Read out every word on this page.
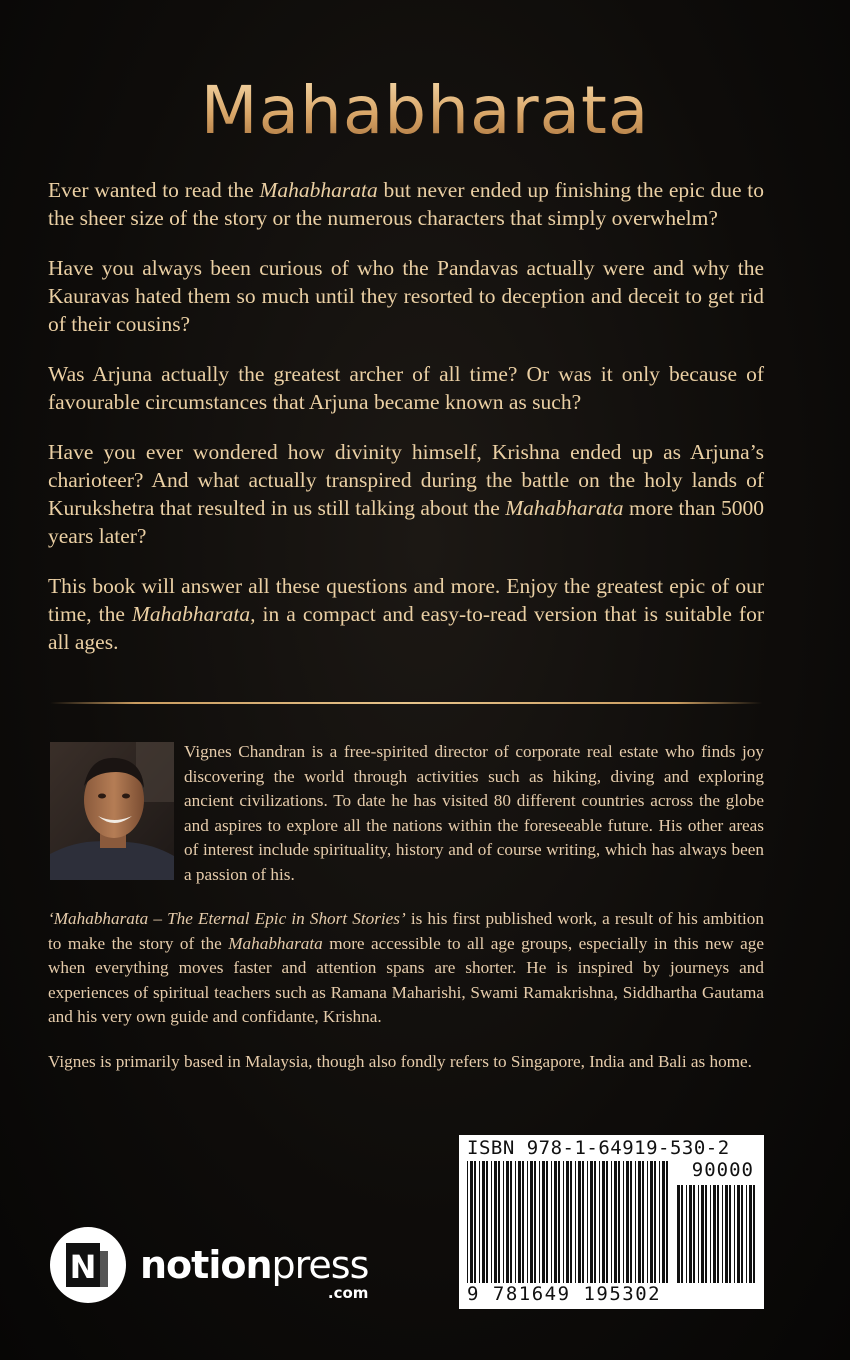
Mahabharata

Ever wanted to read the Mahabharata but never ended up finishing the epic due to the sheer size of the story or the numerous characters that simply overwhelm?

Have you always been curious of who the Pandavas actually were and why the Kauravas hated them so much until they resorted to deception and deceit to get rid of their cousins?

Was Arjuna actually the greatest archer of all time? Or was it only because of favourable circumstances that Arjuna became known as such?

Have you ever wondered how divinity himself, Krishna ended up as Arjuna’s charioteer? And what actually transpired during the battle on the holy lands of Kurukshetra that resulted in us still talking about the Mahabharata more than 5000 years later?

This book will answer all these questions and more. Enjoy the greatest epic of our time, the Mahabharata, in a compact and easy-to-read version that is suitable for all ages.

Vignes Chandran is a free-spirited director of corporate real estate who finds joy discovering the world through activities such as hiking, diving and exploring ancient civilizations. To date he has visited 80 different countries across the globe and aspires to explore all the nations within the foreseeable future. His other areas of interest include spirituality, history and of course writing, which has always been a passion of his.

‘Mahabharata – The Eternal Epic in Short Stories’ is his first published work, a result of his ambition to make the story of the Mahabharata more accessible to all age groups, especially in this new age when everything moves faster and attention spans are shorter. He is inspired by journeys and experiences of spiritual teachers such as Ramana Maharishi, Swami Ramakrishna, Siddhartha Gautama and his very own guide and confidante, Krishna.

Vignes is primarily based in Malaysia, though also fondly refers to Singapore, India and Bali as home.

N notionpress
.com
ISBN 978-1-64919-530-2
90000
9 781649 195302
